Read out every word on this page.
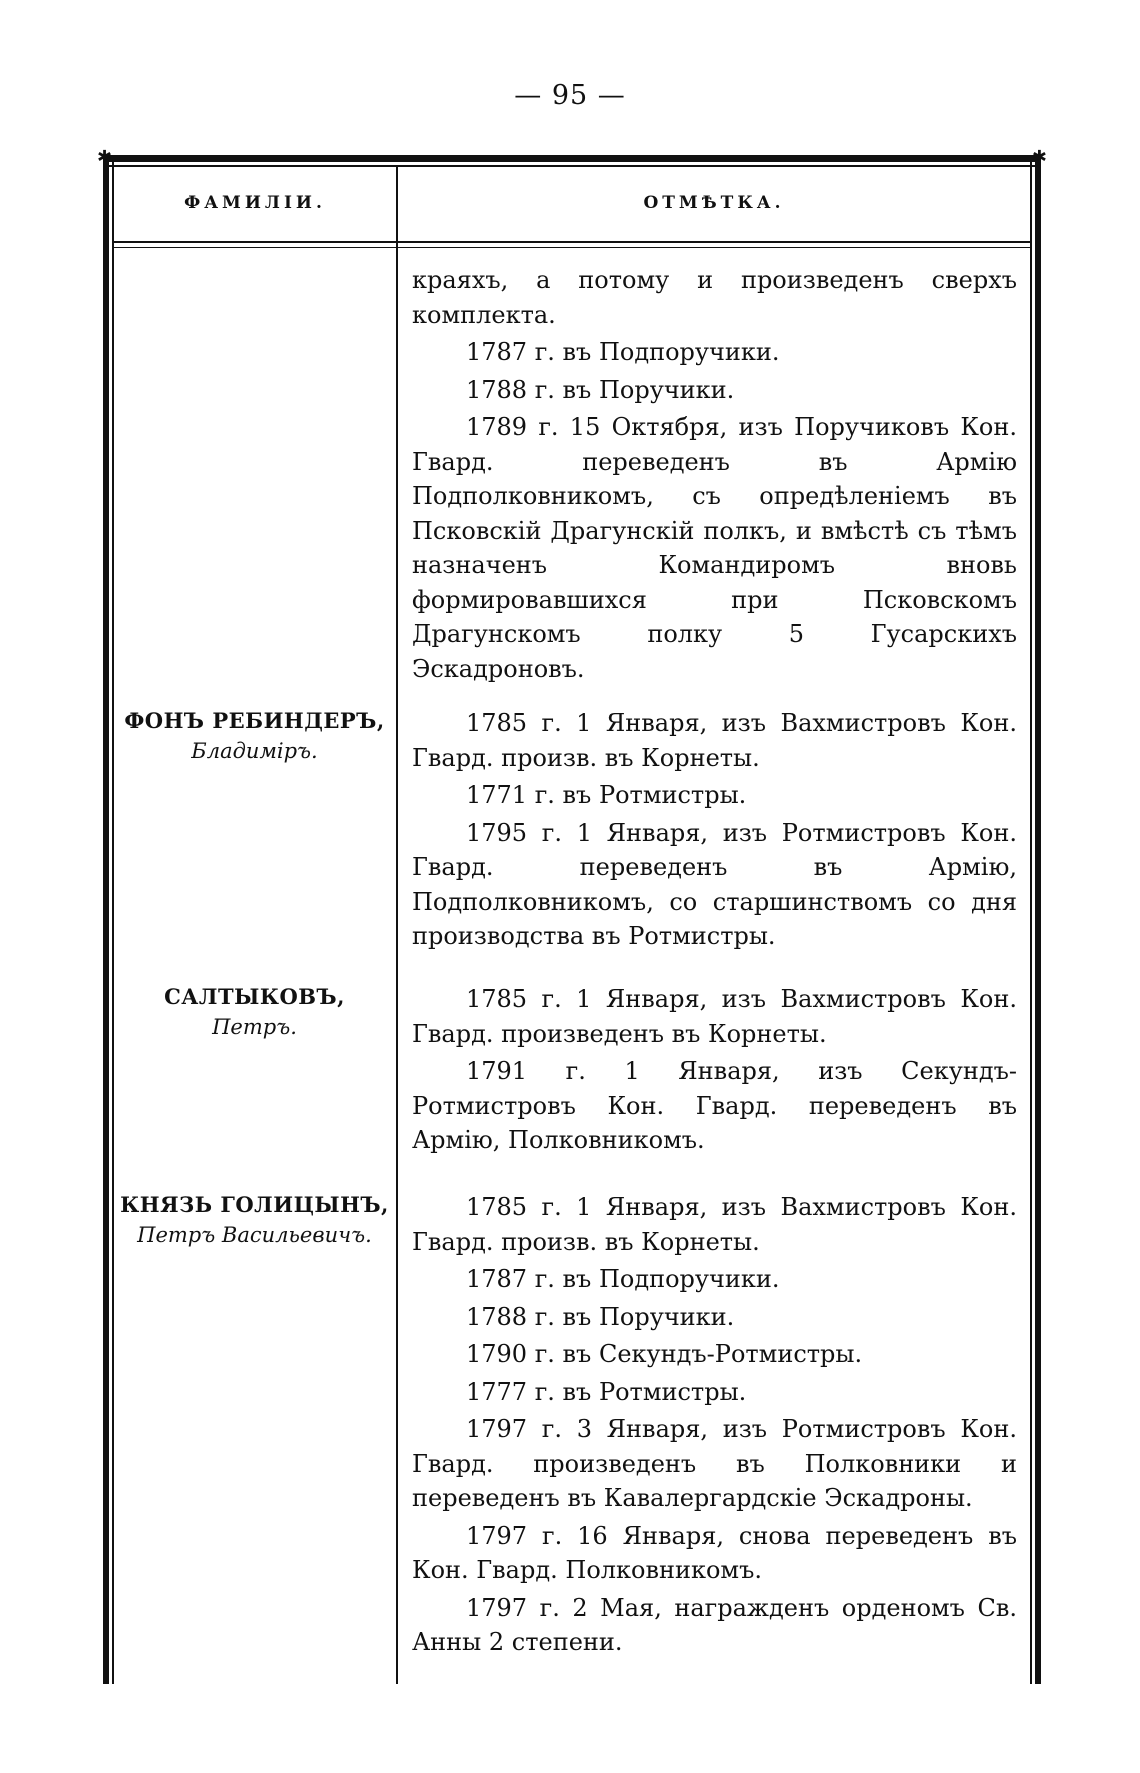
— 95 —
✱	✱
ФАМИЛІИ.	ОТМѢТКА.

краяхъ, а потому и произведенъ сверхъ комплекта.

1787 г. въ Подпоручики.

1788 г. въ Поручики.

1789 г. 15 Октября, изъ Поручиковъ Кон. Гвард. переведенъ въ Армію Подполковникомъ, съ опредѣленіемъ въ Псковскій Драгунскій полкъ, и вмѣстѣ съ тѣмъ назначенъ Командиромъ вновь формировавшихся при Псковскомъ Драгунскомъ полку 5 Гусарскихъ Эскадроновъ.

ФОНЪ РЕБИНДЕРЪ,
Бладиміръ.

1785 г. 1 Января, изъ Вахмистровъ Кон. Гвард. произв. въ Корнеты.

1771 г. въ Ротмистры.

1795 г. 1 Января, изъ Ротмистровъ Кон. Гвард. переведенъ въ Армію, Подполковникомъ, со старшинствомъ со дня производства въ Ротмистры.

САЛТЫКОВЪ,
Петръ.

1785 г. 1 Января, изъ Вахмистровъ Кон. Гвард. произведенъ въ Корнеты.

1791 г. 1 Января, изъ Секундъ-Ротмистровъ Кон. Гвард. переведенъ въ Армію, Полковникомъ.

КНЯЗЬ ГОЛИЦЫНЪ,
Петръ Васильевичъ.

1785 г. 1 Января, изъ Вахмистровъ Кон. Гвард. произв. въ Корнеты.

1787 г. въ Подпоручики.

1788 г. въ Поручики.

1790 г. въ Секундъ-Ротмистры.

1777 г. въ Ротмистры.

1797 г. 3 Января, изъ Ротмистровъ Кон. Гвард. произведенъ въ Полковники и переведенъ въ Кавалергардскіе Эскадроны.

1797 г. 16 Января, снова переведенъ въ Кон. Гвард. Полковникомъ.

1797 г. 2 Мая, награжденъ орденомъ Св. Анны 2 степени.
